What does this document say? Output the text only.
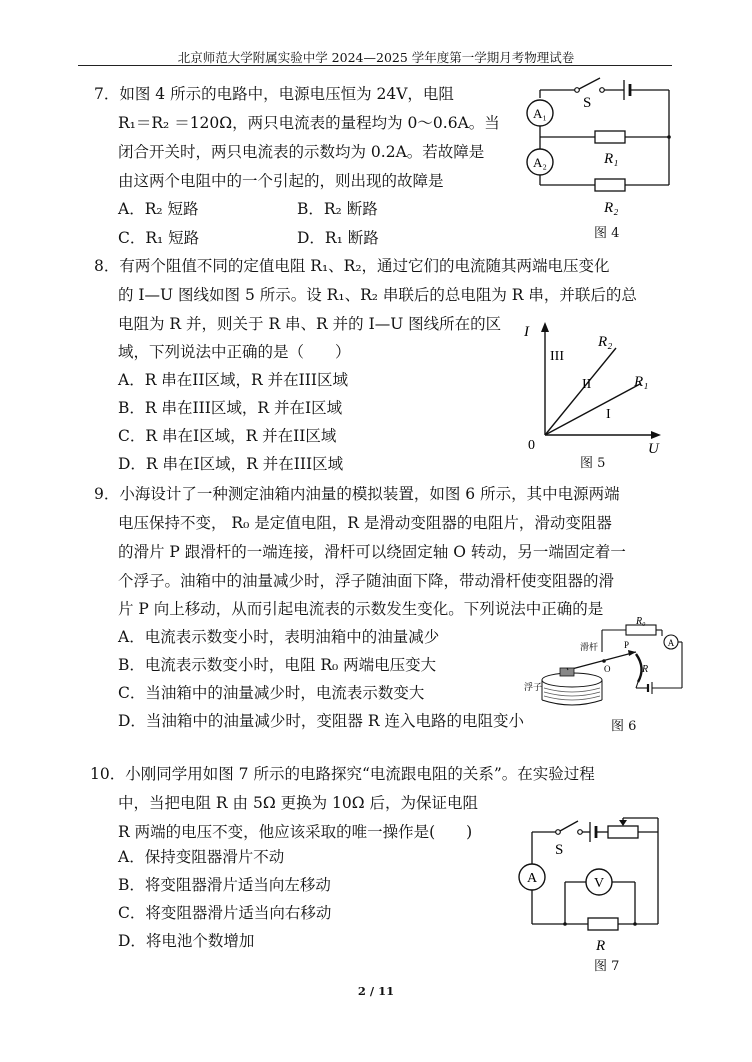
北京师范大学附属实验中学 2024—2025 学年度第一学期月考物理试卷
7．如图 4 所示的电路中，电源电压恒为 24V，电阻
R₁＝R₂ ＝120Ω，两只电流表的量程均为 0～0.6A。当
闭合开关时，两只电流表的示数均为 0.2A。若故障是
由这两个电阻中的一个引起的，则出现的故障是
A．R₂ 短路	B．R₂ 断路
C．R₁ 短路	D．R₁ 断路
A₁
A₂
S
R₁
R₂
图 4
8．有两个阻值不同的定值电阻 R₁、R₂，通过它们的电流随其两端电压变化
的 I—U 图线如图 5 所示。设 R₁、R₂ 串联后的总电阻为 R 串，并联后的总
电阻为 R 并，则关于 R 串、R 并的 I—U 图线所在的区
域，下列说法中正确的是（　　）
A．R 串在II区域，R 并在III区域
B．R 串在III区域，R 并在I区域
C．R 串在I区域，R 并在II区域
D．R 串在I区域，R 并在III区域
I
U
0
R₂
R₁
III
II
I
图 5
9．小海设计了一种测定油箱内油量的模拟装置，如图 6 所示，其中电源两端
电压保持不变， R₀ 是定值电阻，R 是滑动变阻器的电阻片，滑动变阻器
的滑片 P 跟滑杆的一端连接，滑杆可以绕固定轴 O 转动，另一端固定着一
个浮子。油箱中的油量减少时，浮子随油面下降，带动滑杆使变阻器的滑
片 P 向上移动，从而引起电流表的示数发生变化。下列说法中正确的是
A．电流表示数变小时，表明油箱中的油量减少
B．电流表示数变小时，电阻 R₀ 两端电压变大
C．当油箱中的油量减少时，电流表示数变大
D．当油箱中的油量减少时，变阻器 R 连入电路的电阻变小
A
R₀
滑杆
O
P
R
浮子
图 6
10．小刚同学用如图 7 所示的电路探究“电流跟电阻的关系”。在实验过程
中，当把电阻 R 由 5Ω 更换为 10Ω 后，为保证电阻
R 两端的电压不变，他应该采取的唯一操作是(　　)
A．保持变阻器滑片不动
B．将变阻器滑片适当向左移动
C．将变阻器滑片适当向右移动
D．将电池个数增加
A	V
S
R
图 7
2 / 11
